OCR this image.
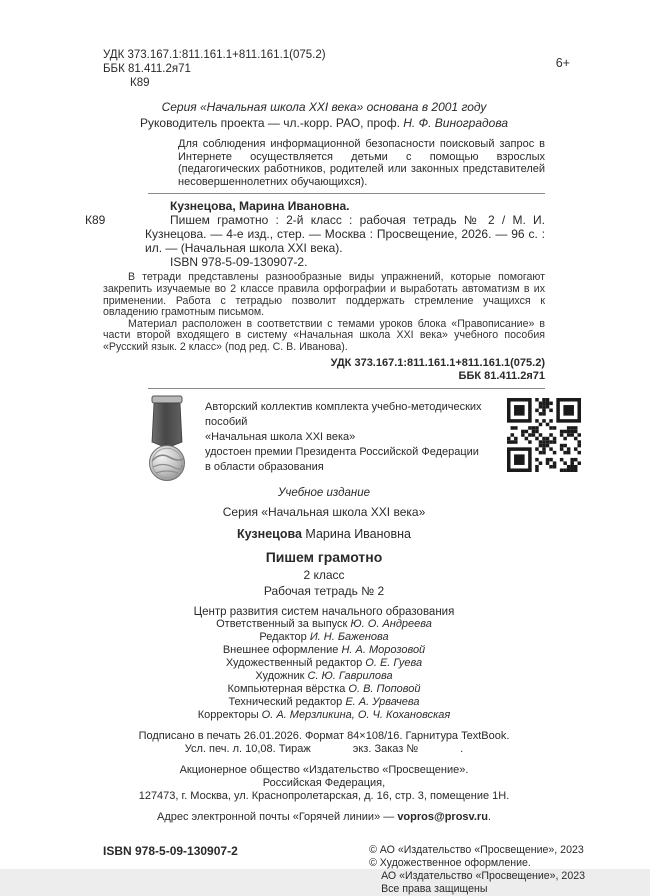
УДК 373.167.1:811.161.1+811.161.1(075.2)
ББК 81.411.2я71
К89
6+
Серия «Начальная школа XXI века» основана в 2001 году
Руководитель проекта — чл.-корр. РАО, проф. Н. Ф. Виноградова
Для соблюдения информационной безопасности поисковый запрос в Интернете осуществляется детьми с помощью взрослых (педагогических работников, родителей или законных представителей несовершеннолетних обучающихся).
Кузнецова, Марина Ивановна.
К89	Пишем грамотно : 2-й класс : рабочая тетрадь № 2 / М. И. Кузнецова. — 4-е изд., стер. — Москва : Просвещение, 2026. — 96 с. : ил. — (Начальная школа XXI века).

ISBN 978-5-09-130907-2.

В тетради представлены разнообразные виды упражнений, которые помогают закрепить изучаемые во 2 классе правила орфографии и выработать автоматизм в их применении. Работа с тетрадью позволит поддержать стремление учащихся к овладению грамотным письмом.

Материал расположен в соответствии с темами уроков блока «Правописание» в части второй входящего в систему «Начальная школа XXI века» учебного пособия «Русский язык. 2 класс» (под ред. С. В. Иванова).

УДК 373.167.1:811.161.1+811.161.1(075.2)
ББК 81.411.2я71
Авторский коллектив комплекта учебно-методических пособий
«Начальная школа XXI века»
удостоен премии Президента Российской Федерации
в области образования
Учебное издание
Серия «Начальная школа XXI века»
Кузнецова Марина Ивановна
Пишем грамотно
2 класс
Рабочая тетрадь № 2
Центр развития систем начального образования
Ответственный за выпуск Ю. О. Андреева
Редактор И. Н. Баженова
Внешнее оформление Н. А. Морозовой
Художественный редактор О. Е. Гуева
Художник С. Ю. Гаврилова
Компьютерная вёрстка О. В. Поповой
Технический редактор Е. А. Урвачева
Корректоры О. А. Мерзликина, О. Ч. Кохановская
Подписано в печать 26.01.2026. Формат 84×108/16. Гарнитура TextBook.
Усл. печ. л. 10,08. Тираж	экз. Заказ №	.
Акционерное общество «Издательство «Просвещение».
Российская Федерация,
127473, г. Москва, ул. Краснопролетарская, д. 16, стр. 3, помещение 1Н.
Адрес электронной почты «Горячей линии» — vopros@prosv.ru.
ISBN 978-5-09-130907-2	© АО «Издательство «Просвещение», 2023
© Художественное оформление.
АО «Издательство «Просвещение», 2023
Все права защищены
